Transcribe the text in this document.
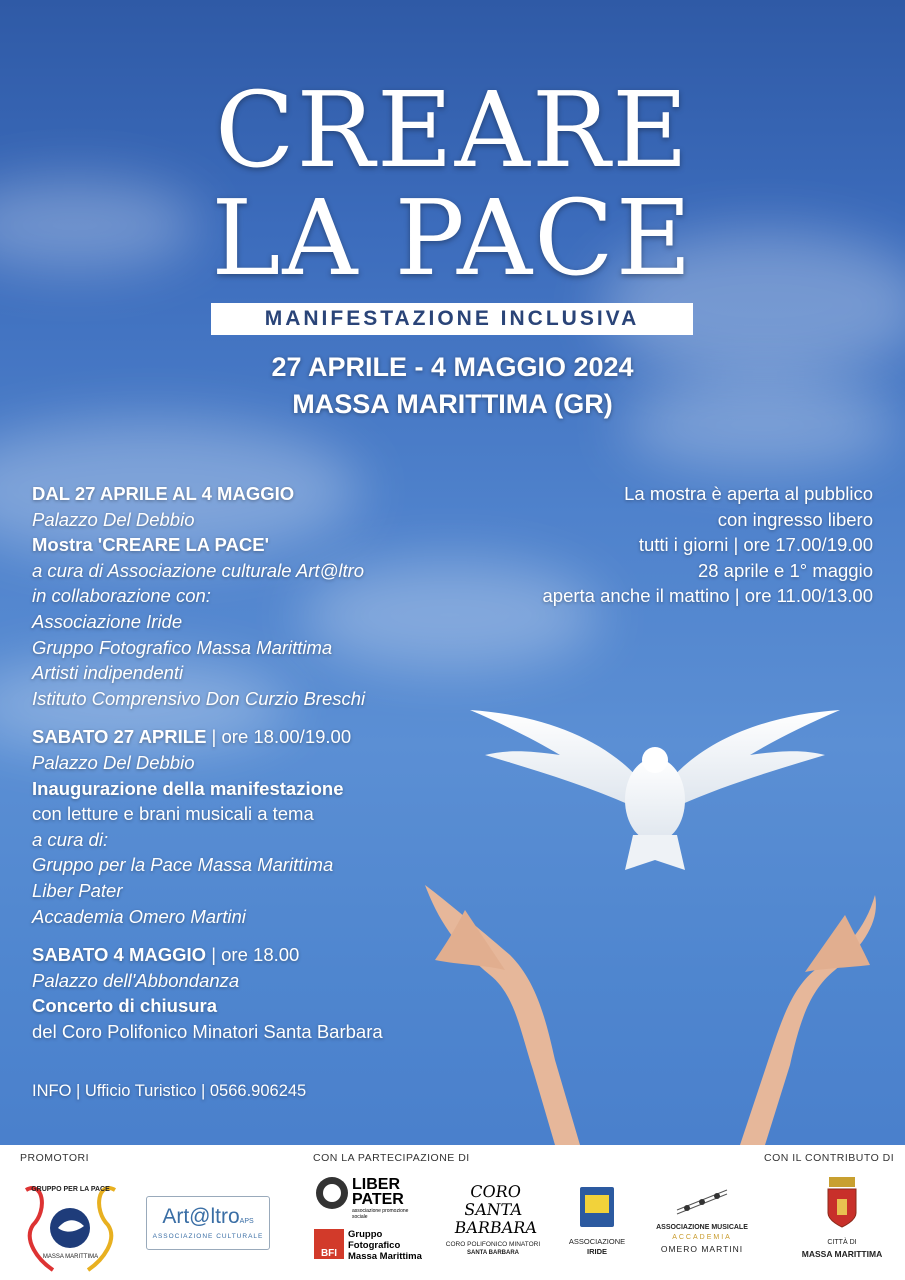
CREARE
LA PACE
MANIFESTAZIONE INCLUSIVA
27 APRILE - 4 MAGGIO 2024
MASSA MARITTIMA (GR)
DAL 27 APRILE AL 4 MAGGIO
Palazzo Del Debbio
Mostra 'CREARE LA PACE'
a cura di Associazione culturale Art@ltro
in collaborazione con:
Associazione Iride
Gruppo Fotografico Massa Marittima
Artisti indipendenti
Istituto Comprensivo Don Curzio Breschi
SABATO 27 APRILE | ore 18.00/19.00
Palazzo Del Debbio
Inaugurazione della manifestazione
con letture e brani musicali a tema
a cura di:
Gruppo per la Pace Massa Marittima
Liber Pater
Accademia Omero Martini
SABATO 4 MAGGIO | ore 18.00
Palazzo dell'Abbondanza
Concerto di chiusura
del Coro Polifonico Minatori Santa Barbara
La mostra è aperta al pubblico
con ingresso libero
tutti i giorni | ore 17.00/19.00
28 aprile e 1° maggio
aperta anche il mattino | ore 11.00/13.00
INFO | Ufficio Turistico | 0566.906245
PROMOTORI	CON LA PARTECIPAZIONE DI	CON IL CONTRIBUTO DI
GRUPPO PER LA PACE
MASSA MARITTIMA
Art@ltroAPS
ASSOCIAZIONE CULTURALE
LIBER PATER
associazione promozione sociale
BFI
Gruppo Fotografico Massa Marittima
CORO SANTA BARBARA
CORO POLIFONICO MINATORI
SANTA BARBARA
ASSOCIAZIONE
IRIDE
ASSOCIAZIONE MUSICALE
ACCADEMIA
OMERO MARTINI
CITTÀ DI
MASSA MARITTIMA
